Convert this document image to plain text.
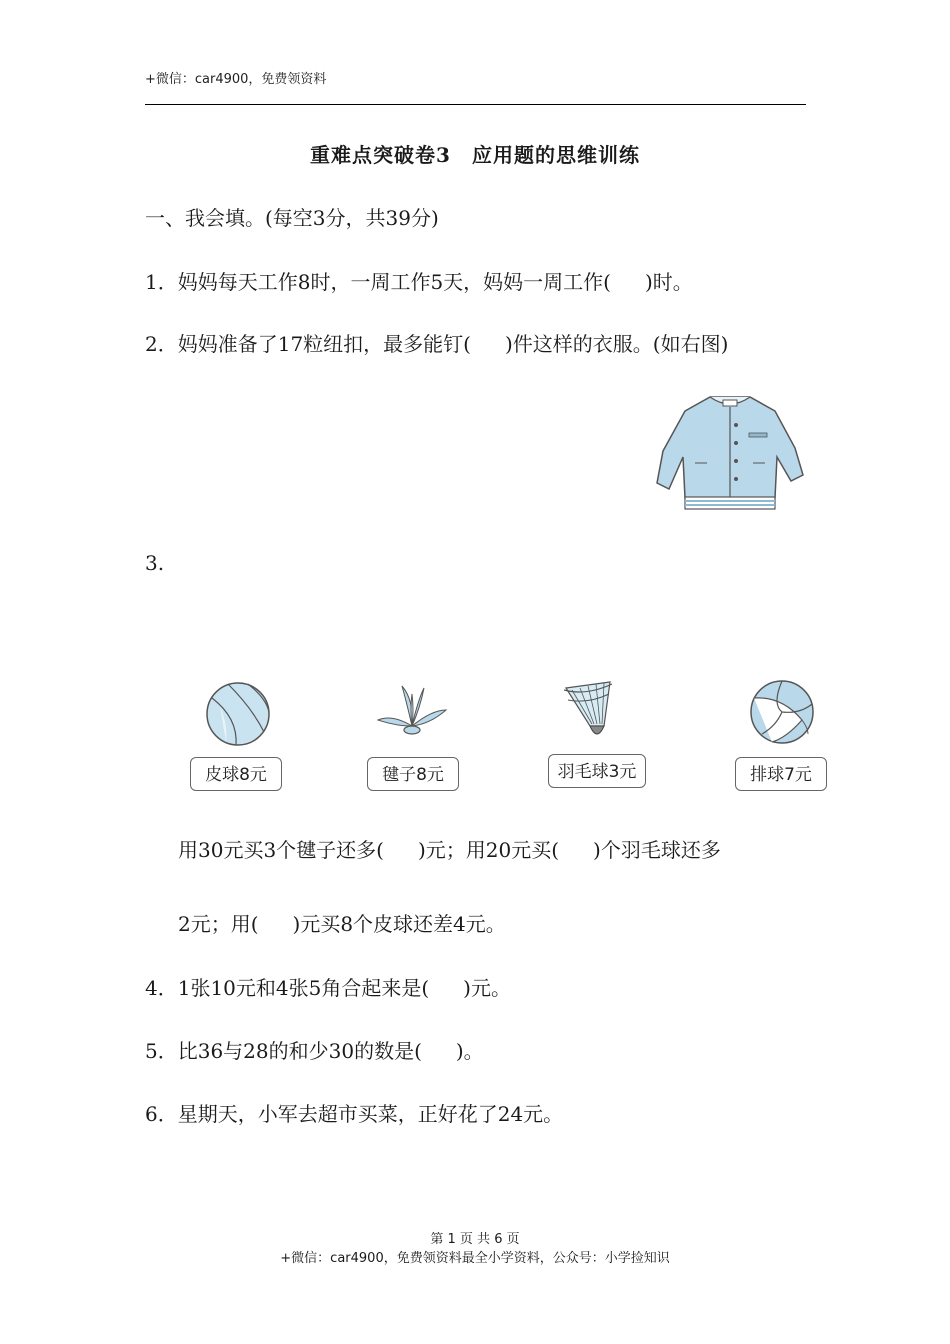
+微信：car4900，免费领资料
重难点突破卷3　应用题的思维训练
一、我会填。(每空3分，共39分)
1．妈妈每天工作8时，一周工作5天，妈妈一周工作( )时。
2．妈妈准备了17粒纽扣，最多能钉( )件这样的衣服。(如右图)
3.
皮球8元	毽子8元	羽毛球3元	排球7元
用30元买3个毽子还多( )元；用20元买( )个羽毛球还多
2元；用( )元买8个皮球还差4元。
4．1张10元和4张5角合起来是( )元。
5．比36与28的和少30的数是( )。
6．星期天，小军去超市买菜，正好花了24元。
第 1 页 共 6 页
+微信：car4900，免费领资料最全小学资料，公众号：小学捡知识
